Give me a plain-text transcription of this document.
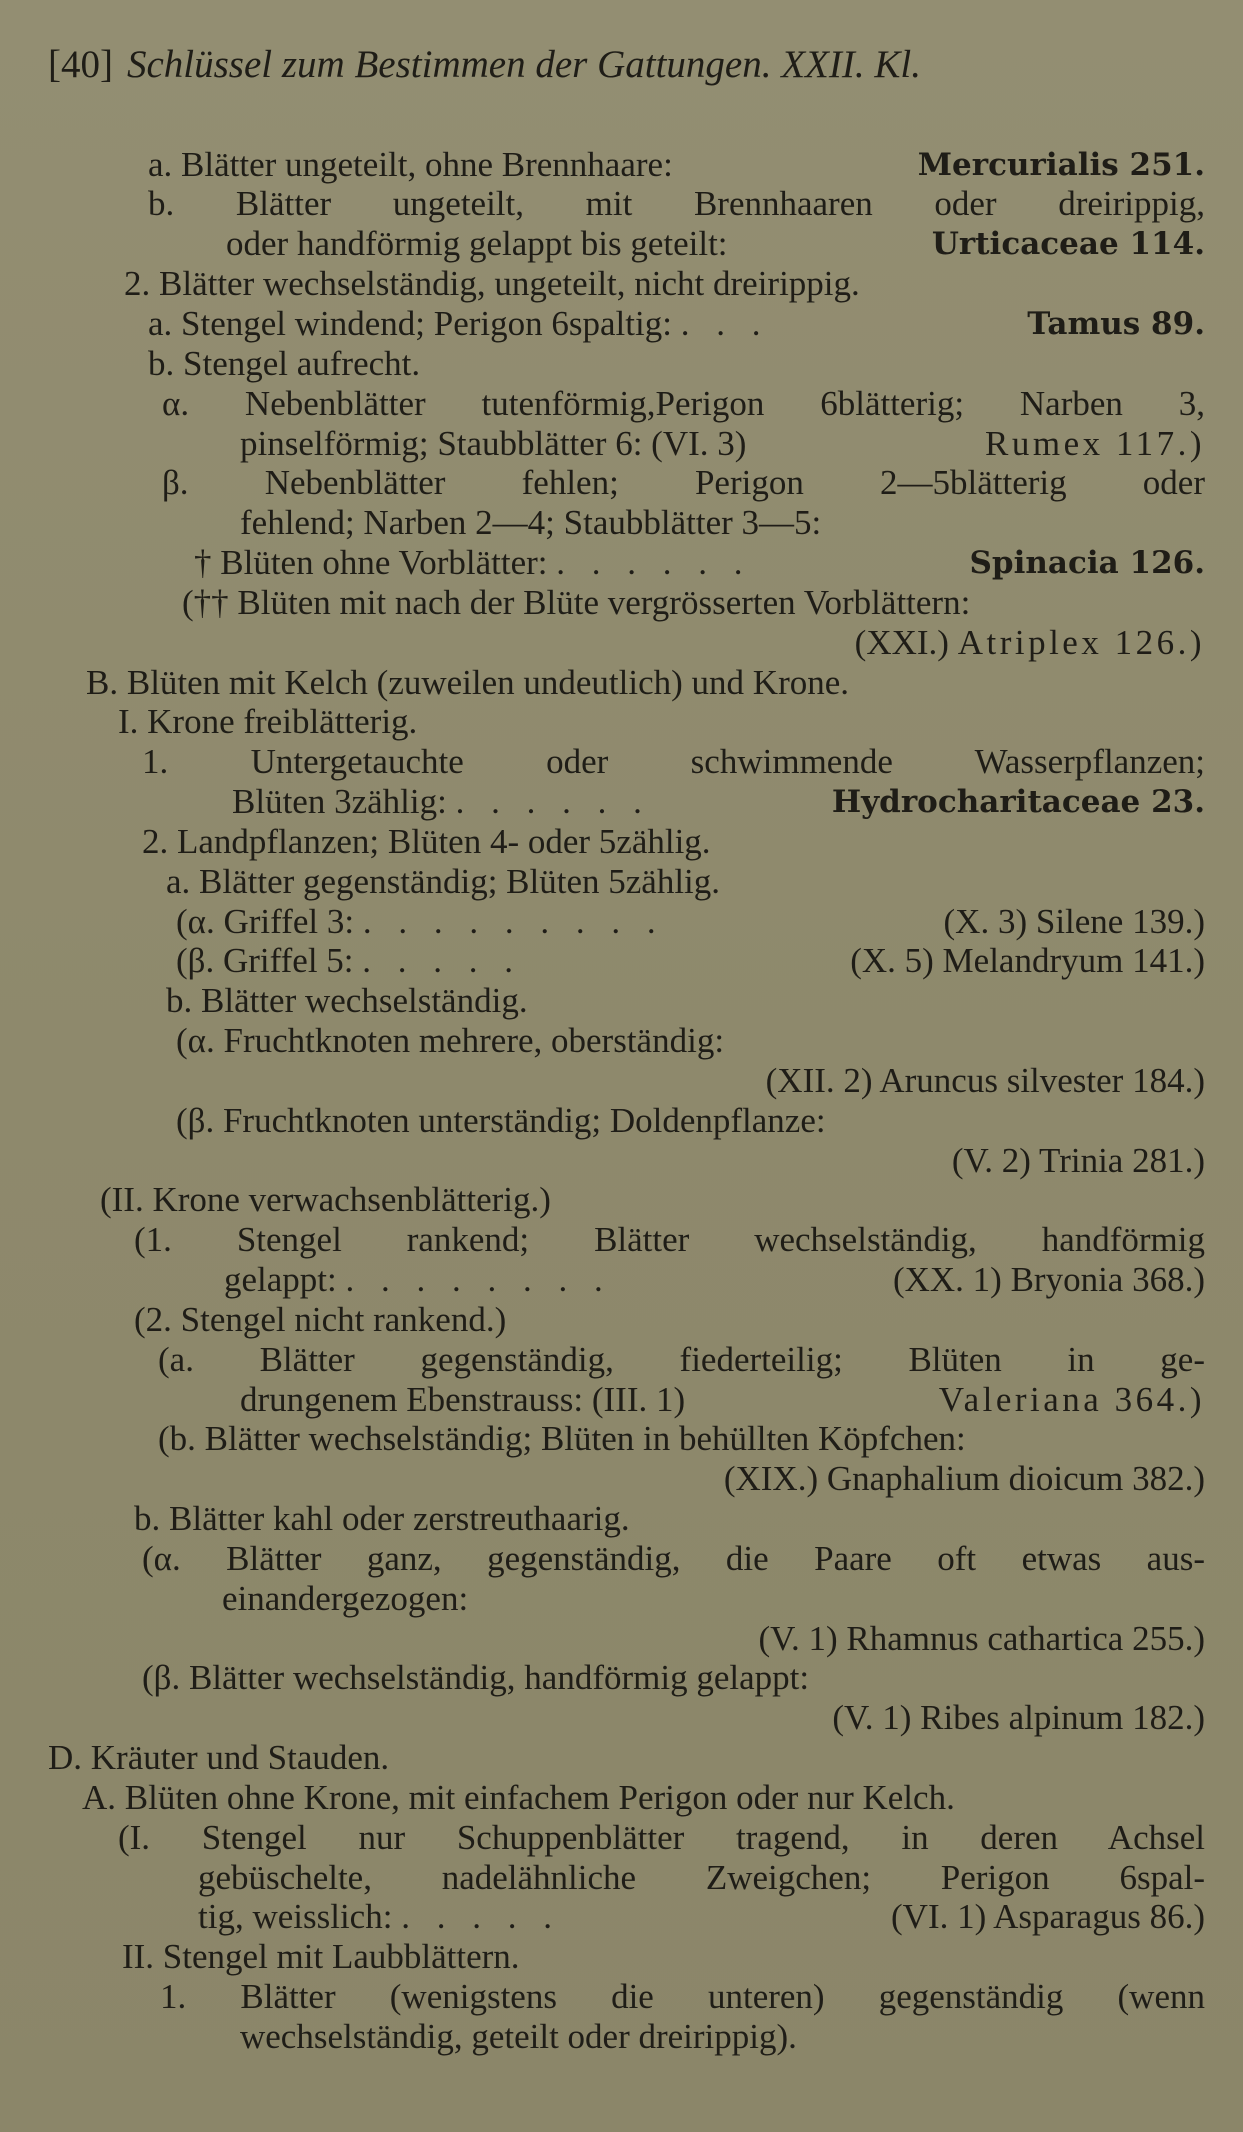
[40] Schlüssel zum Bestimmen der Gattungen. XXII. Kl.
a. Blätter ungeteilt, ohne Brennhaare:	Mercurialis 251.
b. Blätter ungeteilt, mit Brennhaaren oder dreirippig,
oder handförmig gelappt bis geteilt:	Urticaceae 114.
2. Blätter wechselständig, ungeteilt, nicht dreirippig.
a. Stengel windend; Perigon 6spaltig: . . .	Tamus 89.
b. Stengel aufrecht.
α. Nebenblätter tutenförmig,Perigon 6blätterig; Narben 3,
pinselförmig; Staubblätter 6: (VI. 3)	Rumex 117.)
β. Nebenblätter fehlen; Perigon 2—5blätterig oder
fehlend; Narben 2—4; Staubblätter 3—5:
† Blüten ohne Vorblätter: . . . . . .	Spinacia 126.
(†† Blüten mit nach der Blüte vergrösserten Vorblättern:
(XXI.) Atriplex 126.)
B. Blüten mit Kelch (zuweilen undeutlich) und Krone.
I. Krone freiblätterig.
1. Untergetauchte oder schwimmende Wasserpflanzen;
Blüten 3zählig: . . . . . .	Hydrocharitaceae 23.
2. Landpflanzen; Blüten 4- oder 5zählig.
a. Blätter gegenständig; Blüten 5zählig.
(α. Griffel 3: . . . . . . . . .	(X. 3) Silene 139.)
(β. Griffel 5: . . . . .	(X. 5) Melandryum 141.)
b. Blätter wechselständig.
(α. Fruchtknoten mehrere, oberständig:
(XII. 2) Aruncus silvester 184.)
(β. Fruchtknoten unterständig; Doldenpflanze:
(V. 2) Trinia 281.)
(II. Krone verwachsenblätterig.)
(1. Stengel rankend; Blätter wechselständig, handförmig
gelappt: . . . . . . . .	(XX. 1) Bryonia 368.)
(2. Stengel nicht rankend.)
(a. Blätter gegenständig, fiederteilig; Blüten in ge-
drungenem Ebenstrauss: (III. 1)	Valeriana 364.)
(b. Blätter wechselständig; Blüten in behüllten Köpfchen:
(XIX.) Gnaphalium dioicum 382.)
b. Blätter kahl oder zerstreuthaarig.
(α. Blätter ganz, gegenständig, die Paare oft etwas aus-
einandergezogen:
(V. 1) Rhamnus cathartica 255.)
(β. Blätter wechselständig, handförmig gelappt:
(V. 1) Ribes alpinum 182.)
D. Kräuter und Stauden.
A. Blüten ohne Krone, mit einfachem Perigon oder nur Kelch.
(I. Stengel nur Schuppenblätter tragend, in deren Achsel
gebüschelte, nadelähnliche Zweigchen; Perigon 6spal-
tig, weisslich: . . . . .	(VI. 1) Asparagus 86.)
II. Stengel mit Laubblättern.
1. Blätter (wenigstens die unteren) gegenständig (wenn
wechselständig, geteilt oder dreirippig).
